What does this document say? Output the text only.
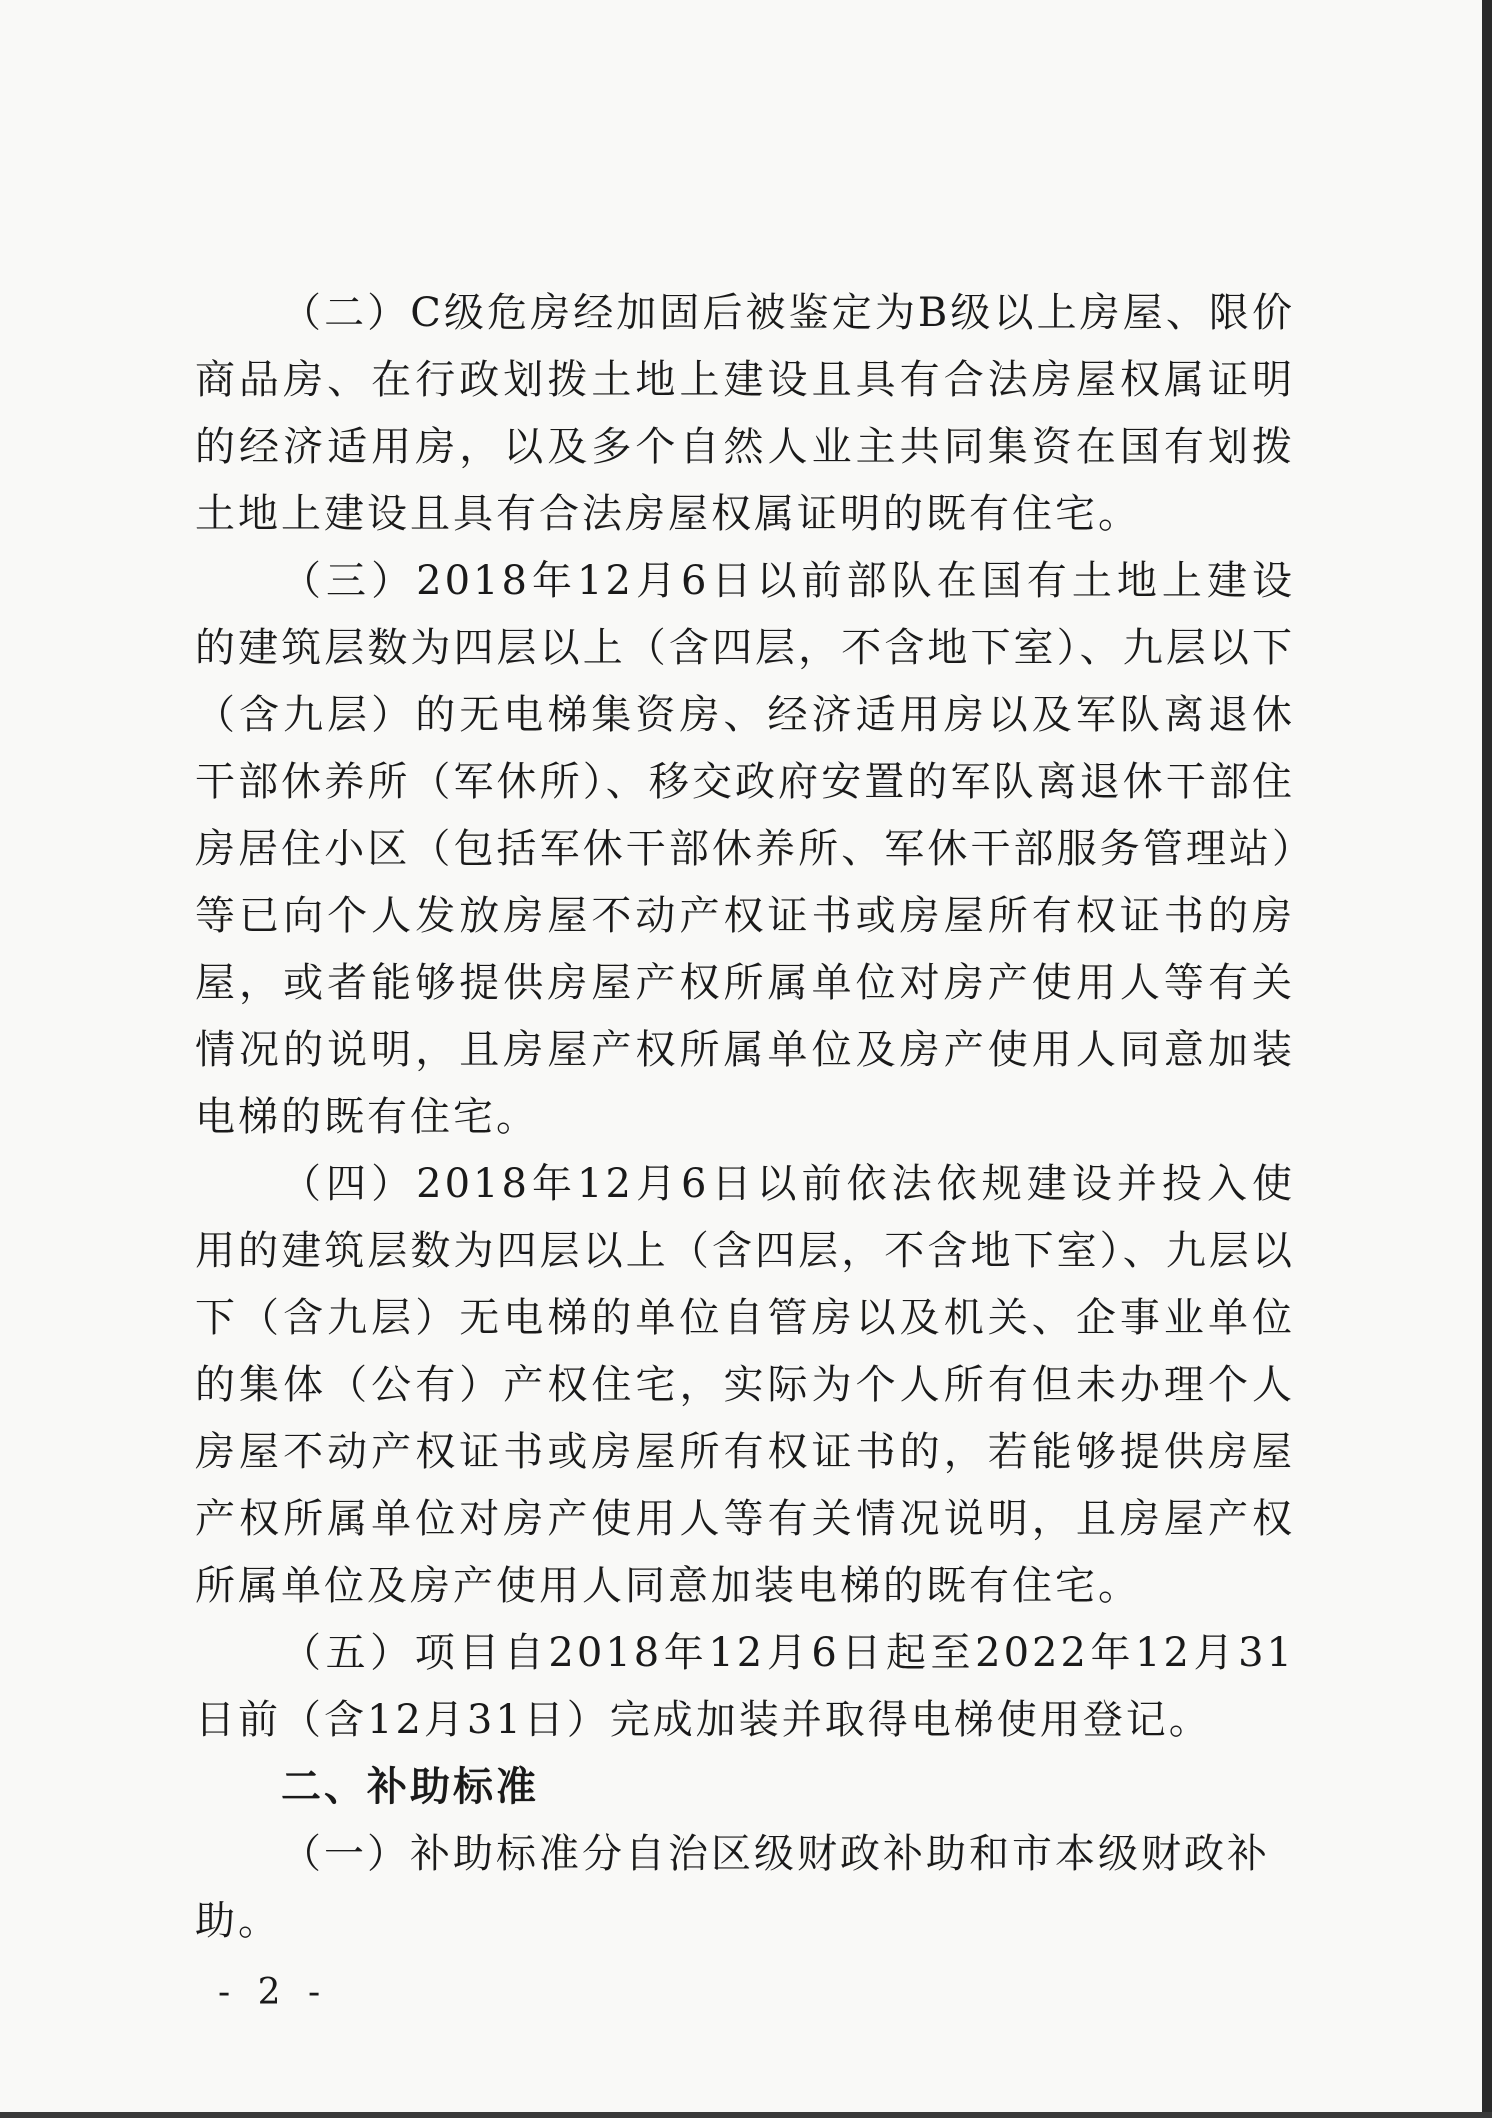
（二）C级危房经加固后被鉴定为B级以上房屋、限价商品房、在行政划拨土地上建设且具有合法房屋权属证明的经济适用房，以及多个自然人业主共同集资在国有划拨土地上建设且具有合法房屋权属证明的既有住宅。

（三）2018年12月6日以前部队在国有土地上建设的建筑层数为四层以上（含四层，不含地下室）、九层以下（含九层）的无电梯集资房、经济适用房以及军队离退休干部休养所（军休所）、移交政府安置的军队离退休干部住房居住小区（包括军休干部休养所、军休干部服务管理站）等已向个人发放房屋不动产权证书或房屋所有权证书的房屋，或者能够提供房屋产权所属单位对房产使用人等有关情况的说明，且房屋产权所属单位及房产使用人同意加装电梯的既有住宅。

（四）2018年12月6日以前依法依规建设并投入使用的建筑层数为四层以上（含四层，不含地下室）、九层以下（含九层）无电梯的单位自管房以及机关、企事业单位的集体（公有）产权住宅，实际为个人所有但未办理个人房屋不动产权证书或房屋所有权证书的，若能够提供房屋产权所属单位对房产使用人等有关情况说明，且房屋产权所属单位及房产使用人同意加装电梯的既有住宅。

（五）项目自2018年12月6日起至2022年12月31日前（含12月31日）完成加装并取得电梯使用登记。

二、补助标准

（一）补助标准分自治区级财政补助和市本级财政补助。

- 2 -
